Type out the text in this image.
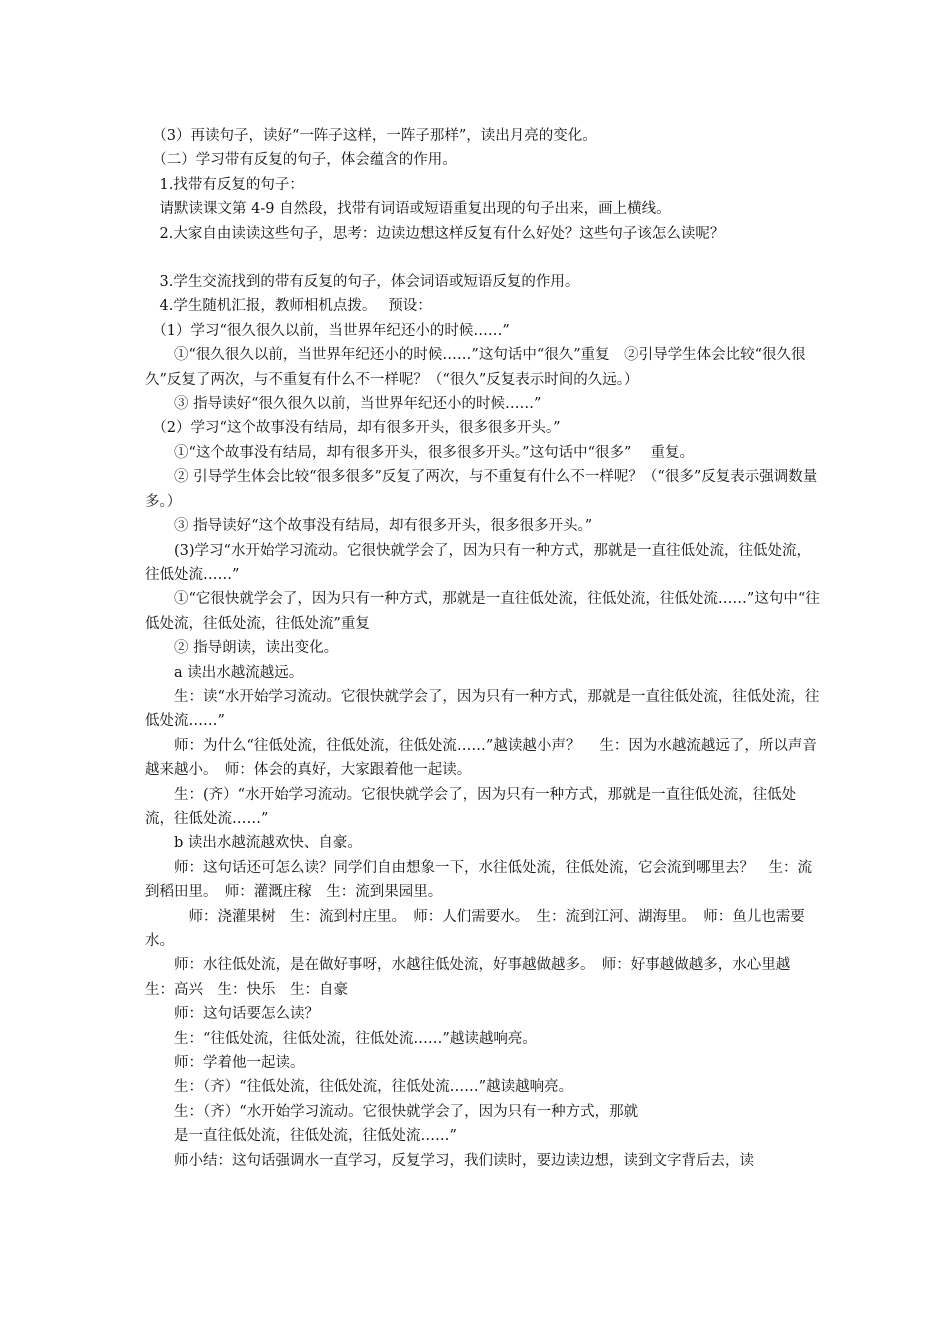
　（3）再读句子，读好“一阵子这样，一阵子那样”，读出月亮的变化。

　（二）学习带有反复的句子，体会蕴含的作用。

　1.找带有反复的句子：

　请默读课文第 4-9 自然段，找带有词语或短语重复出现的句子出来，画上横线。

　2.大家自由读读这些句子，思考：边读边想这样反复有什么好处？这些句子该怎么读呢？

　3.学生交流找到的带有反复的句子，体会词语或短语反复的作用。

　4.学生随机汇报，教师相机点拨。　 预设：

　（1）学习“很久很久以前，当世界年纪还小的时候……”

　　①“很久很久以前，当世界年纪还小的时候……”这句话中“很久”重复　②引导学生体会比较“很久很久”反复了两次，与不重复有什么不一样呢？（“很久”反复表示时间的久远。）

　　③ 指导读好“很久很久以前，当世界年纪还小的时候……”

　（2）学习“这个故事没有结局，却有很多开头，很多很多开头。”

　　①“这个故事没有结局，却有很多开头，很多很多开头。”这句话中“很多”　 重复。

　　② 引导学生体会比较“很多很多”反复了两次，与不重复有什么不一样呢？（“很多”反复表示强调数量多。）

　　③ 指导读好“这个故事没有结局，却有很多开头，很多很多开头。”

　　(3)学习“水开始学习流动。它很快就学会了，因为只有一种方式，那就是一直往低处流，往低处流，往低处流……”

　　①“它很快就学会了，因为只有一种方式，那就是一直往低处流，往低处流，往低处流……”这句中“往低处流，往低处流，往低处流”重复

　　② 指导朗读，读出变化。

　　a 读出水越流越远。

　　生：读“水开始学习流动。它很快就学会了，因为只有一种方式，那就是一直往低处流，往低处流，往低处流……”

　　师：为什么“往低处流，往低处流，往低处流……”越读越小声？　 生：因为水越流越远了，所以声音越来越小。　师：体会的真好，大家跟着他一起读。

　　生：(齐）“水开始学习流动。它很快就学会了，因为只有一种方式，那就是一直往低处流，往低处流，往低处流……”

　　b 读出水越流越欢快、自豪。

　　师：这句话还可怎么读？同学们自由想象一下，水往低处流，往低处流，它会流到哪里去？　生：流到稻田里。　师：灌溉庄稼　生：流到果园里。

　　　师：浇灌果树　生：流到村庄里。　师：人们需要水。　生：流到江河、湖海里。　师：鱼儿也需要水。

　　师：水往低处流，是在做好事呀，水越往低处流，好事越做越多。　师：好事越做越多，水心里越　生：高兴　生：快乐　生：自豪

　　师：这句话要怎么读？

　　生：“往低处流，往低处流，往低处流……”越读越响亮。

　　师：学着他一起读。

　　生：（齐）“往低处流，往低处流，往低处流……”越读越响亮。

　　生：（齐）“水开始学习流动。它很快就学会了，因为只有一种方式，那就

　　是一直往低处流，往低处流，往低处流……”

　　师小结：这句话强调水一直学习，反复学习，我们读时，要边读边想，读到文字背后去，读
